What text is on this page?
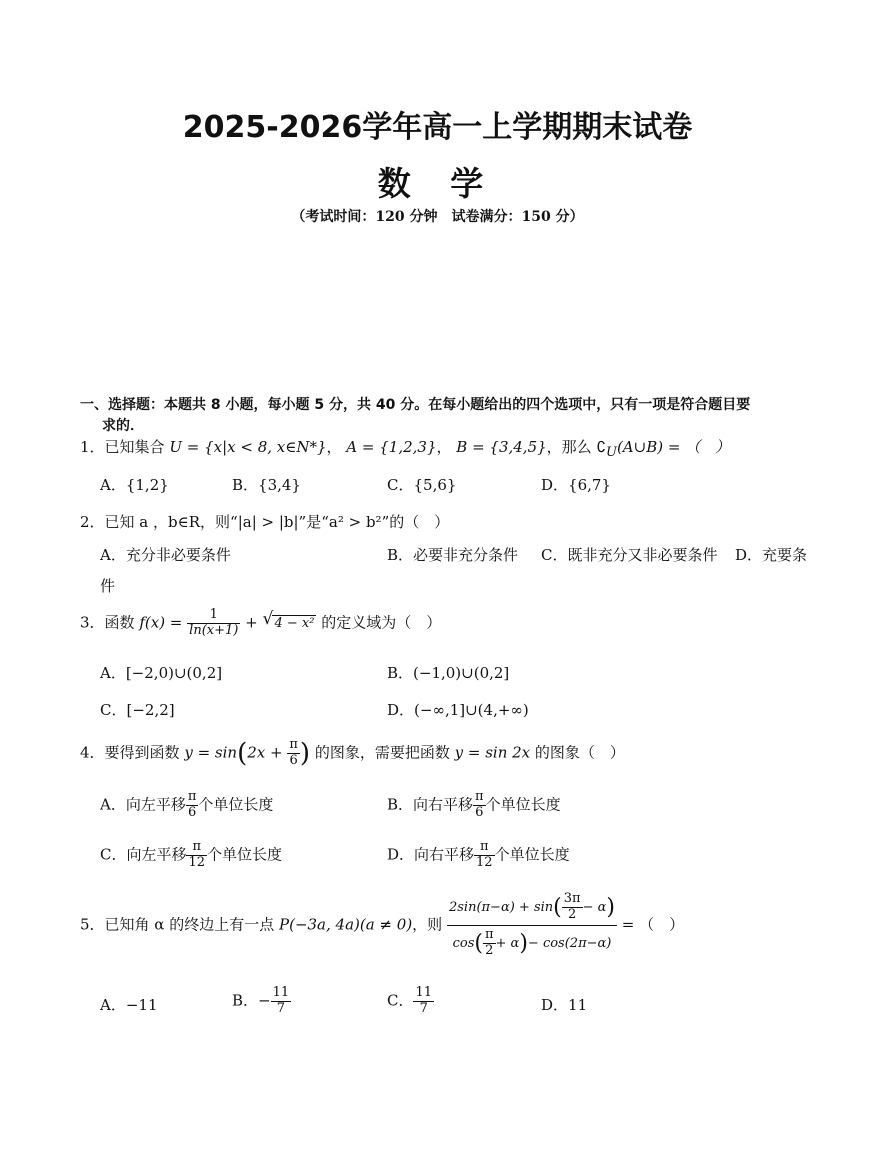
2025-2026学年高一上学期期末试卷
数 学
（考试时间：120 分钟　试卷满分：150 分）
一、选择题：本题共 8 小题，每小题 5 分，共 40 分。在每小题给出的四个选项中，只有一项是符合题目要
求的．
1．已知集合 U = {x|x < 8, x∈N*}， A = {1,2,3}， B = {3,4,5}，那么 $∁_U(A\cup B)$ = （　）
A．{1,2}	B．{3,4}	C．{5,6}	D．{6,7}
2．已知 a ，b∈R，则“|a| > |b|”是“a² > b²”的（　）
A．充分非必要条件	B．必要非充分条件 C．既非充分又非必要条件 D．充要条
件
3．函数 $f(x) = \frac{1}{\ln(x+1)}$ + √ 4 − x² 的定义域为（　）
A．[−2,0)∪(0,2]	B．(−1,0)∪(0,2]
C．[−2,2]	D．(−∞,1]∪(4,+∞)
4．要得到函数 $y = \sin(2x + \frac{\pi}{6}$ ) 的图象，需要把函数 y = sin 2x 的图象（　）
A．向左平移 $\frac{\pi}{6}$ 个单位长度	B．向右平移 $\frac{\pi}{6}$ 个单位长度
C．向左平移 $\frac{\pi}{12}$ 个单位长度	D．向右平移 $\frac{\pi}{12}$ 个单位长度
5．已知角 α 的终边上有一点 P(−3a, 4a)(a ≠ 0)，则 $\frac{2\sin(\pi-\alpha) + \sin( \frac{3\pi}{2} - \alpha)}{\cos( \frac{\pi}{2} + \alpha)- \cos(2\pi-\alpha)}$ = （　）
A．−11	B．− $\frac{11}{7}$	C． $\frac{11}{7}$	D．11
